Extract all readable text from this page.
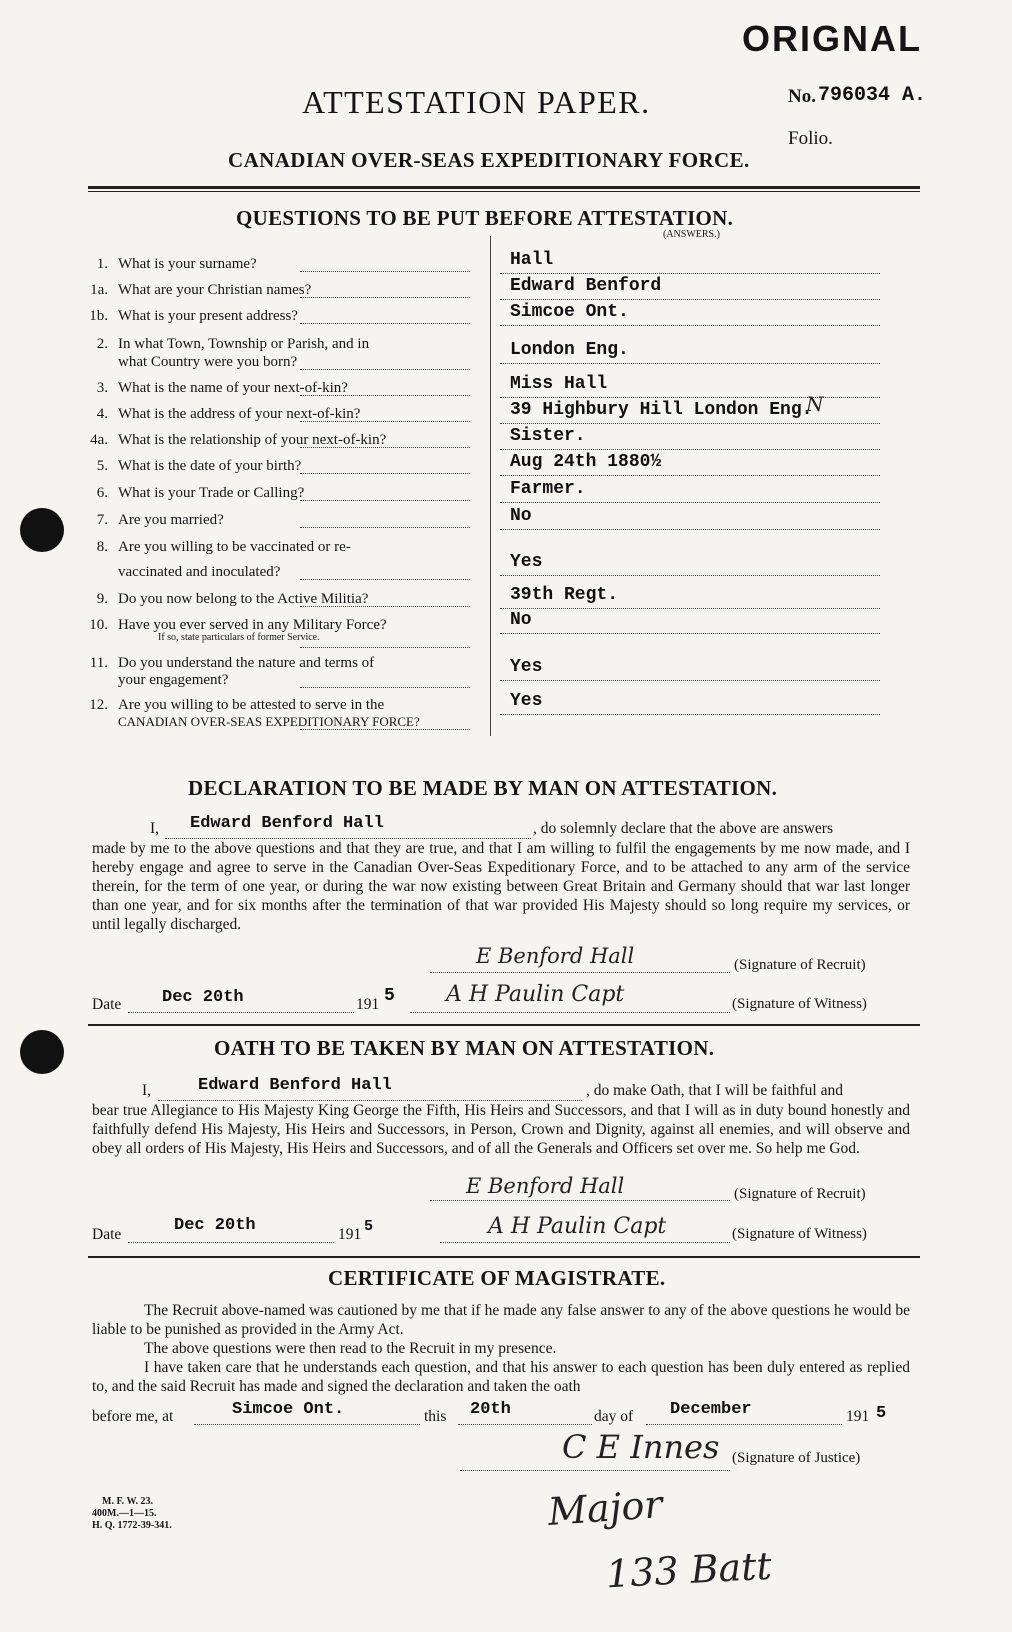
ORIGNAL
No. 796034 A.
Folio.
ATTESTATION PAPER.
CANADIAN OVER-SEAS EXPEDITIONARY FORCE.
QUESTIONS TO BE PUT BEFORE ATTESTATION.
(ANSWERS.)
1. What is your surname?	Hall
1a. What are your Christian names?	Edward Benford
1b. What is your present address?	Simcoe Ont.
2. In what Town, Township or Parish, and in
what Country were you born?
London Eng.
3. What is the name of your next-of-kin?	Miss Hall
4. What is the address of your next-of-kin?	39 Highbury Hill London Eng.
4a. What is the relationship of your next-of-kin?	Sister.
5. What is the date of your birth?	Aug 24th 1880½
6. What is your Trade or Calling?	Farmer.
7. Are you married?	No
8. Are you willing to be vaccinated or re-
vaccinated and inoculated?	Yes
9. Do you now belong to the Active Militia?	39th Regt.
10. Have you ever served in any Military Force?
If so, state particulars of former Service.
No
11. Do you understand the nature and terms of
your engagement?
Yes
12. Are you willing to be attested to serve in the
CANADIAN OVER-SEAS EXPEDITIONARY FORCE?
Yes
N
DECLARATION TO BE MADE BY MAN ON ATTESTATION.
I, Edward Benford Hall	, do solemnly declare that the above are answers
made by me to the above questions and that they are true, and that I am willing to fulfil the engagements by me now made, and I hereby engage and agree to serve in the Canadian Over-Seas Expeditionary Force, and to be attached to any arm of the service therein, for the term of one year, or during the war now existing between Great Britain and Germany should that war last longer than one year, and for six months after the termination of that war provided His Majesty should so long require my services, or until legally discharged.
E Benford Hall	(Signature of Recruit)
Date Dec 20th	191 5 A H Paulin Capt	(Signature of Witness)
OATH TO BE TAKEN BY MAN ON ATTESTATION.
I,	Edward Benford Hall	, do make Oath, that I will be faithful and
bear true Allegiance to His Majesty King George the Fifth, His Heirs and Successors, and that I will as in duty bound honestly and faithfully defend His Majesty, His Heirs and Successors, in Person, Crown and Dignity, against all enemies, and will observe and obey all orders of His Majesty, His Heirs and Successors, and of all the Generals and Officers set over me. So help me God.
E Benford Hall	(Signature of Recruit)
Date	Dec 20th	191 5	A H Paulin Capt	(Signature of Witness)
CERTIFICATE OF MAGISTRATE.
The Recruit above-named was cautioned by me that if he made any false answer to any of the above questions he would be liable to be punished as provided in the Army Act.
The above questions were then read to the Recruit in my presence.
I have taken care that he understands each question, and that his answer to each question has been duly entered as replied to, and the said Recruit has made and signed the declaration and taken the oath
before me, at	Simcoe Ont.	this 20th	day of December	191 5
C E Innes (Signature of Justice)
Major
133 Batt
M. F. W. 23.
400M.—1—15.
H. Q. 1772-39-341.
